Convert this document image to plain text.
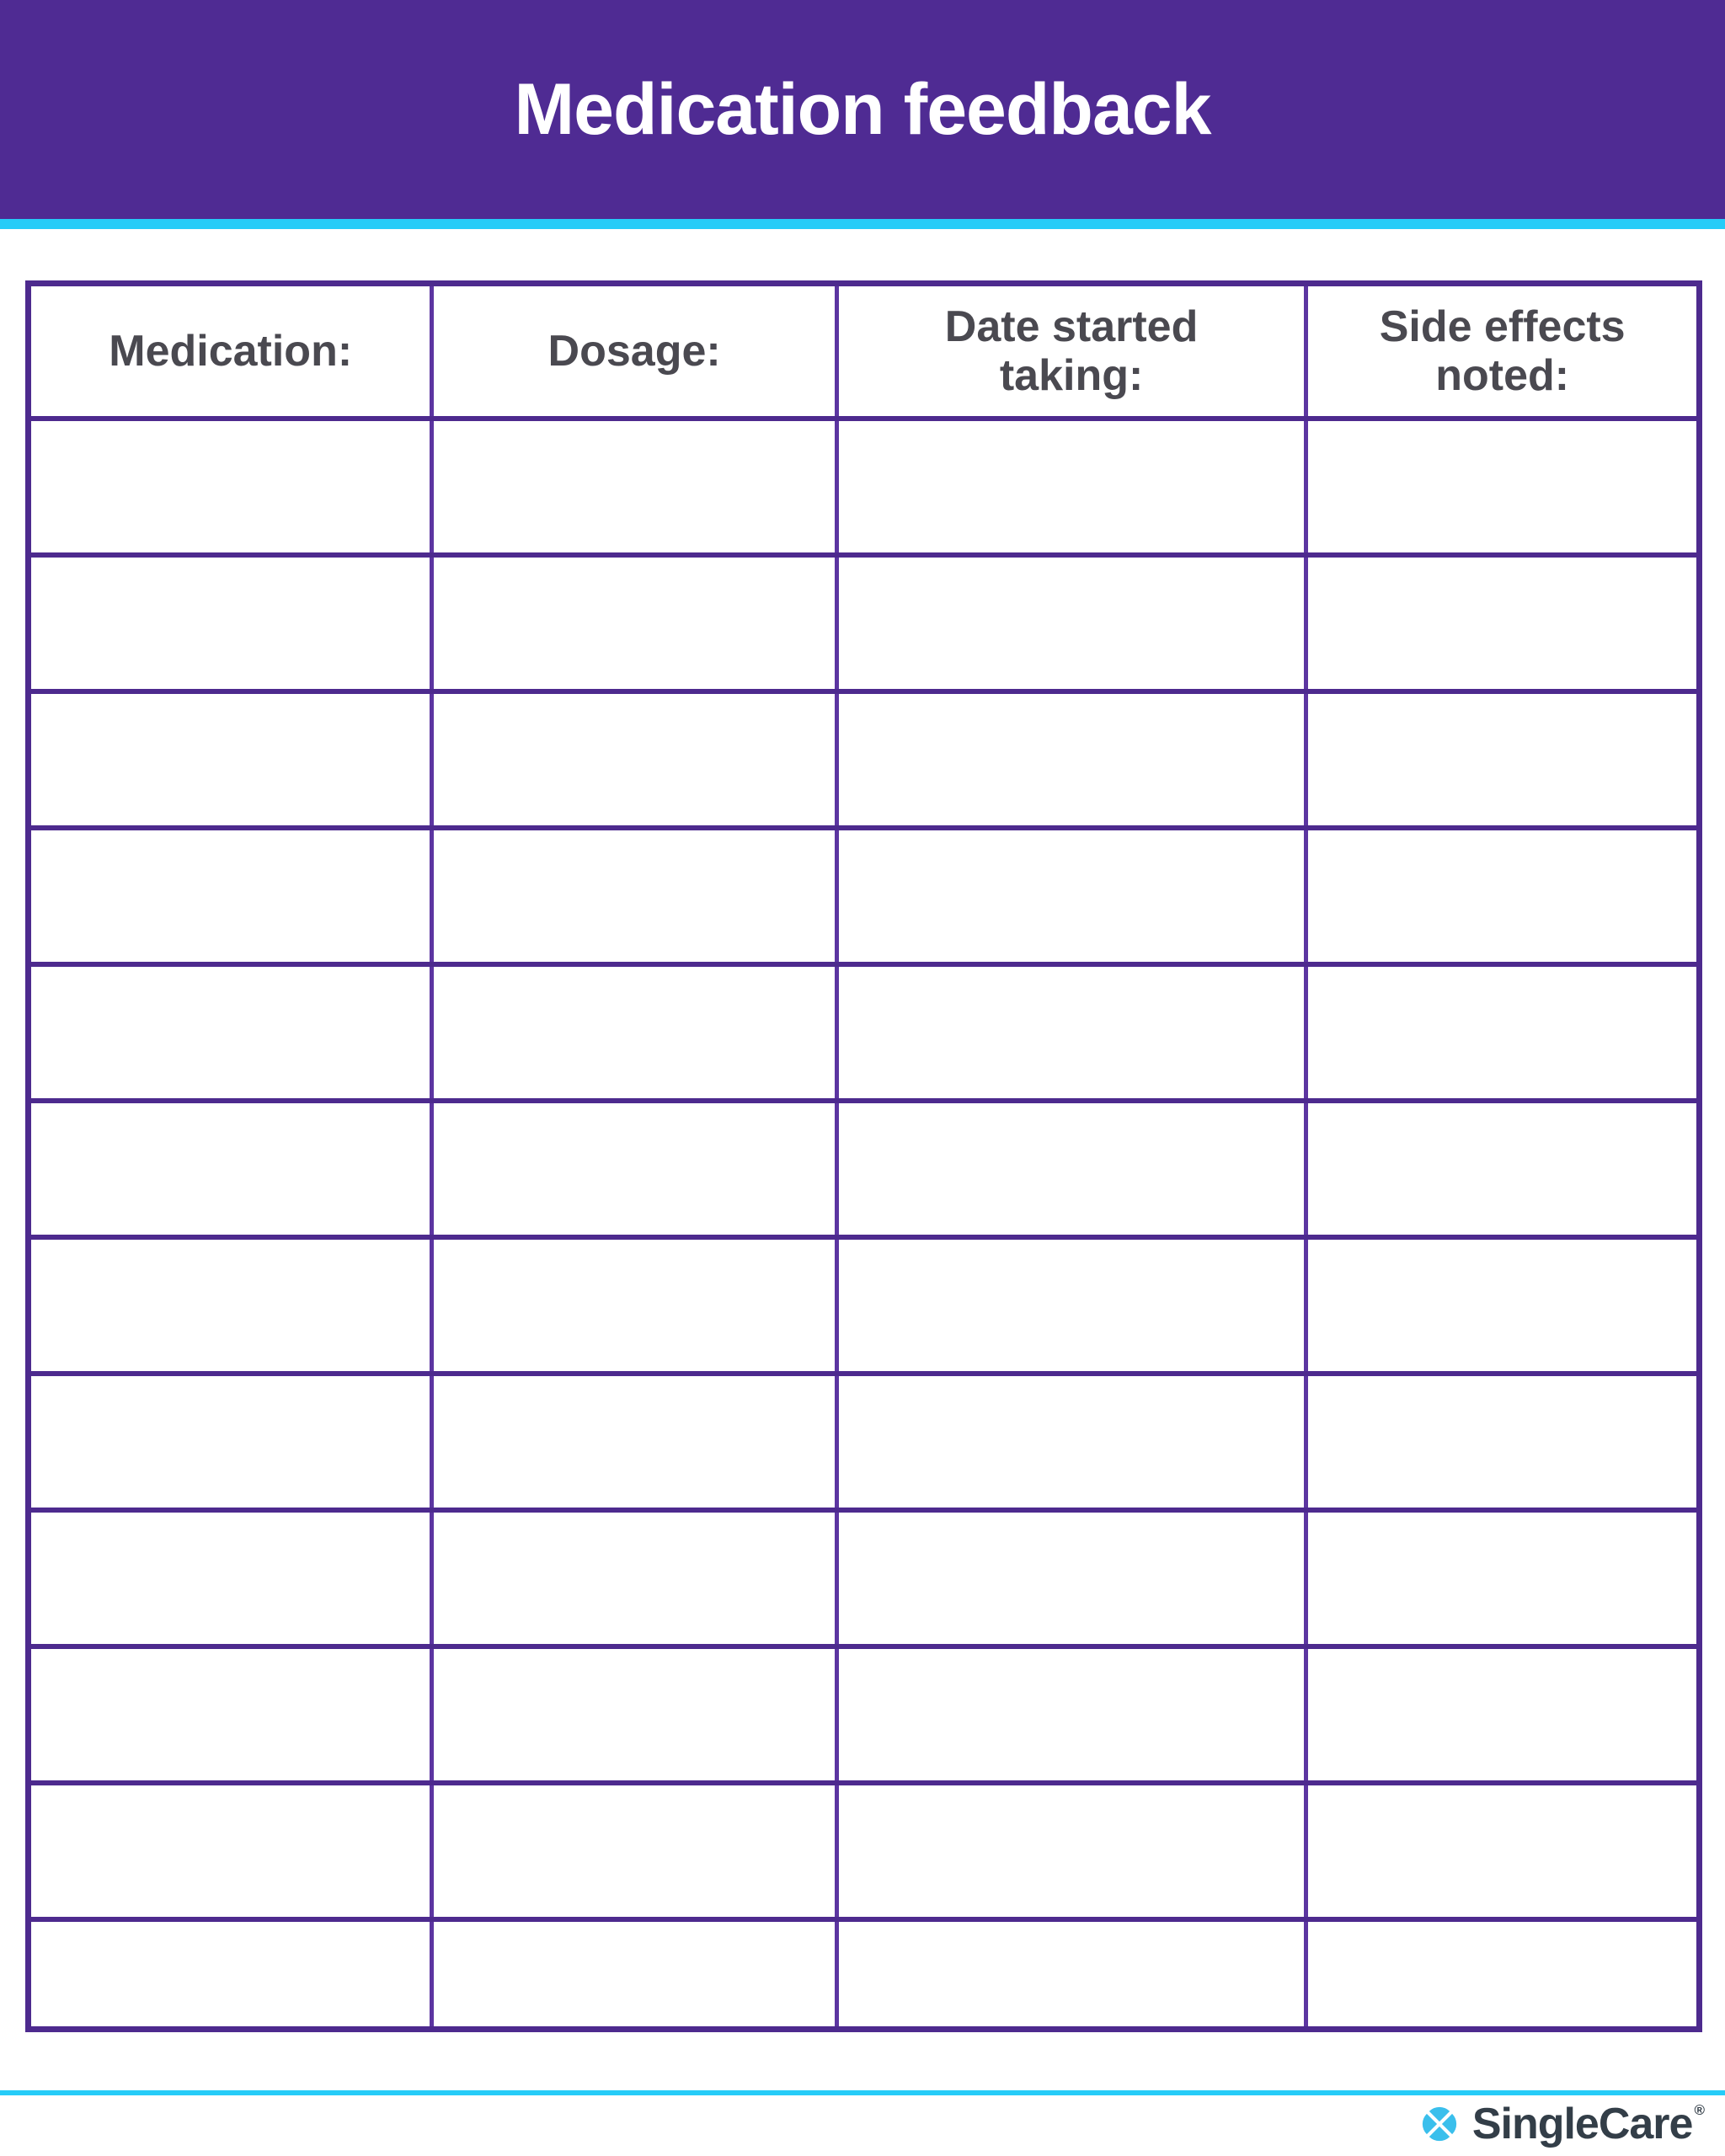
Medication feedback
Medication:	Dosage:
Date started taking:
Side effects noted:
SingleCare ®
